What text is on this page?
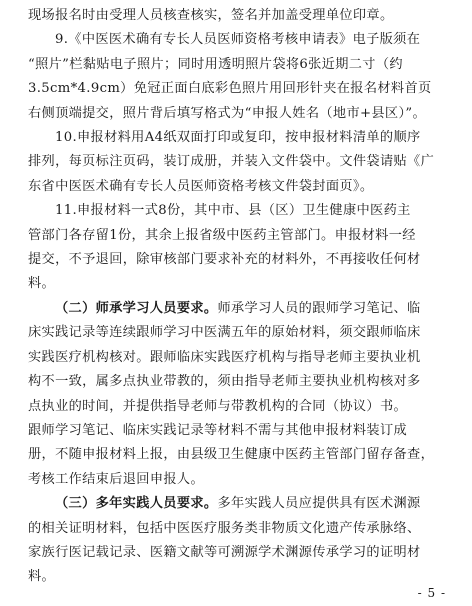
现场报名时由受理人员核查核实，签名并加盖受理单位印章。
9.《中医医术确有专长人员医师资格考核申请表》电子版须在
“照片”栏黏贴电子照片；同时用透明照片袋将6张近期二寸（约
3.5cm*4.9cm）免冠正面白底彩色照片用回形针夹在报名材料首页
右侧顶端提交，照片背后填写格式为“申报人姓名（地市+县区）”。
10.申报材料用A4纸双面打印或复印，按申报材料清单的顺序
排列，每页标注页码，装订成册，并装入文件袋中。文件袋请贴《广
东省中医医术确有专长人员医师资格考核文件袋封面页》。
11.申报材料一式8份，其中市、县（区）卫生健康中医药主
管部门各存留1份，其余上报省级中医药主管部门。申报材料一经
提交，不予退回，除审核部门要求补充的材料外，不再接收任何材
料。
（二）师承学习人员要求。师承学习人员的跟师学习笔记、临
床实践记录等连续跟师学习中医满五年的原始材料，须交跟师临床
实践医疗机构核对。跟师临床实践医疗机构与指导老师主要执业机
构不一致，属多点执业带教的，须由指导老师主要执业机构核对多
点执业的时间，并提供指导老师与带教机构的合同（协议）书。
跟师学习笔记、临床实践记录等材料不需与其他申报材料装订成
册，不随申报材料上报，由县级卫生健康中医药主管部门留存备查，
考核工作结束后退回申报人。
（三）多年实践人员要求。多年实践人员应提供具有医术渊源
的相关证明材料，包括中医医疗服务类非物质文化遗产传承脉络、
家族行医记载记录、医籍文献等可溯源学术渊源传承学习的证明材
料。
- 5 -
